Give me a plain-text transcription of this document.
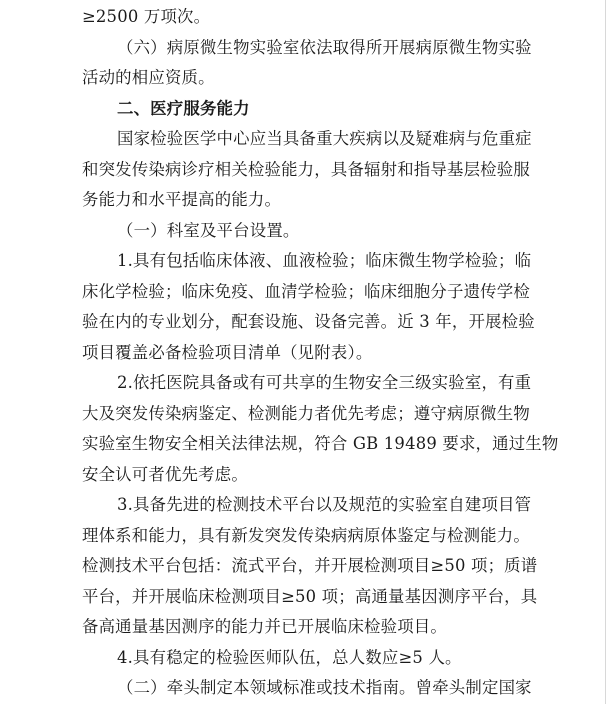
≥2500 万项次。
（六）病原微生物实验室依法取得所开展病原微生物实验
活动的相应资质。
二、医疗服务能力
国家检验医学中心应当具备重大疾病以及疑难病与危重症
和突发传染病诊疗相关检验能力，具备辐射和指导基层检验服
务能力和水平提高的能力。
（一）科室及平台设置。
1.具有包括临床体液、血液检验；临床微生物学检验；临
床化学检验；临床免疫、血清学检验；临床细胞分子遗传学检
验在内的专业划分，配套设施、设备完善。近 3 年，开展检验
项目覆盖必备检验项目清单（见附表）。
2.依托医院具备或有可共享的生物安全三级实验室，有重
大及突发传染病鉴定、检测能力者优先考虑；遵守病原微生物
实验室生物安全相关法律法规，符合 GB 19489 要求，通过生物
安全认可者优先考虑。
3.具备先进的检测技术平台以及规范的实验室自建项目管
理体系和能力，具有新发突发传染病病原体鉴定与检测能力。
检测技术平台包括：流式平台，并开展检测项目≥50 项；质谱
平台，并开展临床检测项目≥50 项；高通量基因测序平台，具
备高通量基因测序的能力并已开展临床检验项目。
4.具有稳定的检验医师队伍，总人数应≥5 人。
（二）牵头制定本领域标准或技术指南。曾牵头制定国家
